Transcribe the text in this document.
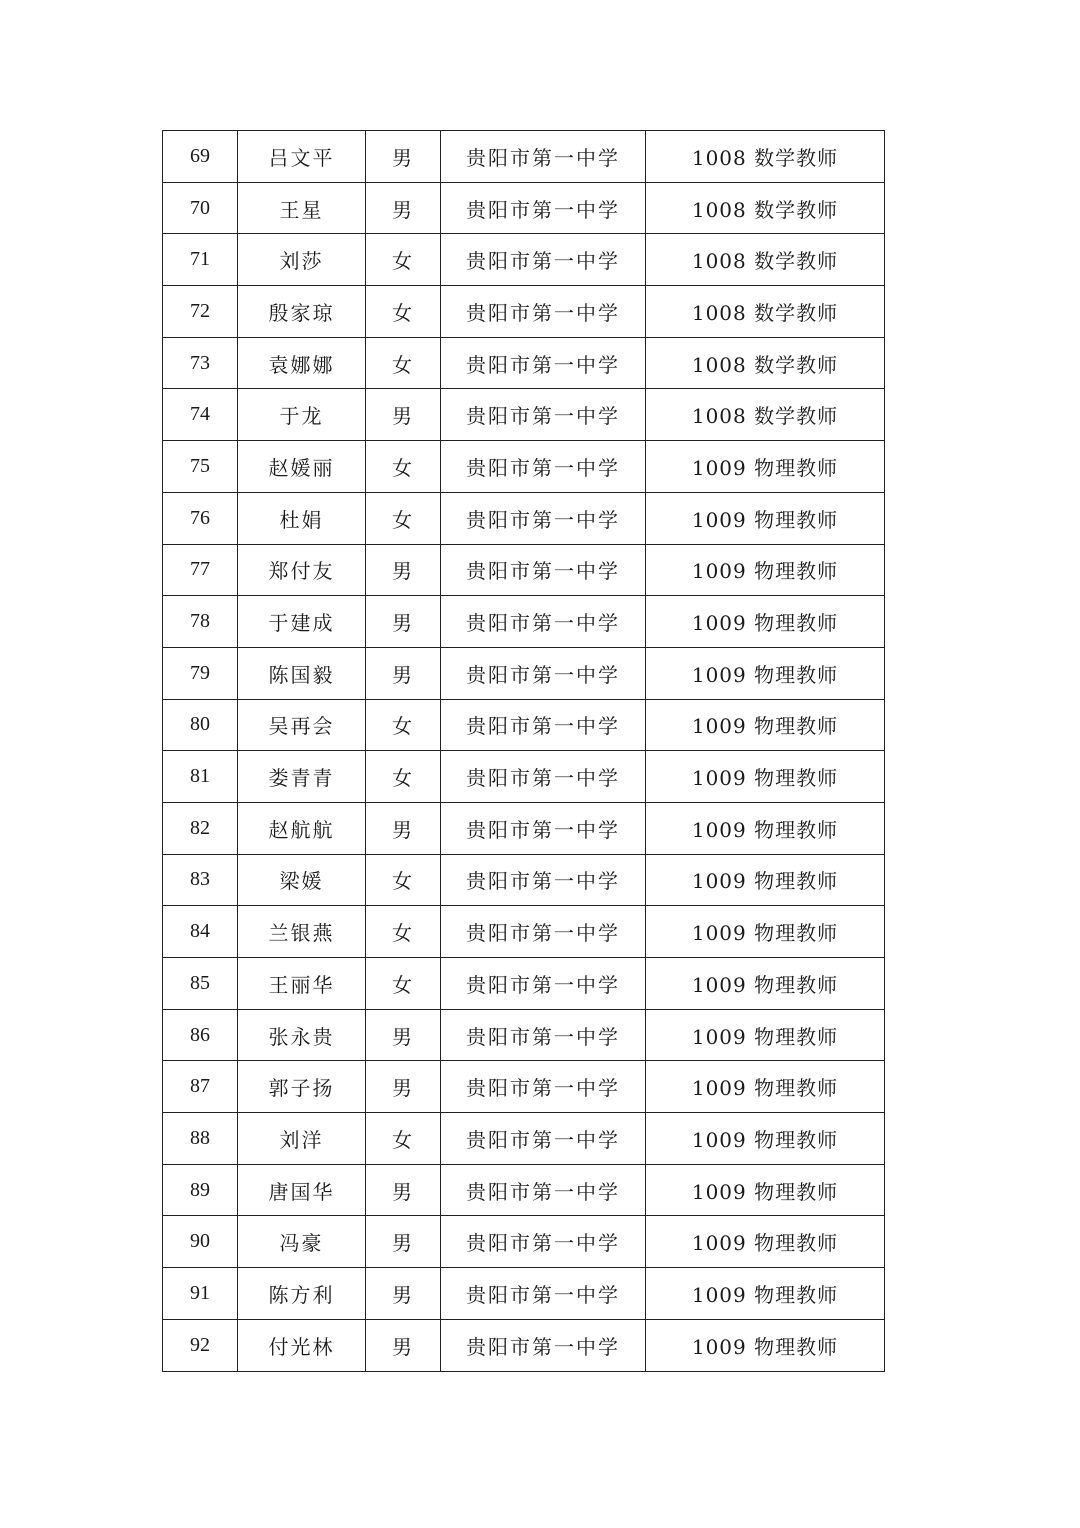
69	吕文平	男	贵阳市第一中学	1008 数学教师
70	王星	男	贵阳市第一中学	1008 数学教师
71	刘莎	女	贵阳市第一中学	1008 数学教师
72	殷家琼	女	贵阳市第一中学	1008 数学教师
73	袁娜娜	女	贵阳市第一中学	1008 数学教师
74	于龙	男	贵阳市第一中学	1008 数学教师
75	赵媛丽	女	贵阳市第一中学	1009 物理教师
76	杜娟	女	贵阳市第一中学	1009 物理教师
77	郑付友	男	贵阳市第一中学	1009 物理教师
78	于建成	男	贵阳市第一中学	1009 物理教师
79	陈国毅	男	贵阳市第一中学	1009 物理教师
80	吴再会	女	贵阳市第一中学	1009 物理教师
81	娄青青	女	贵阳市第一中学	1009 物理教师
82	赵航航	男	贵阳市第一中学	1009 物理教师
83	梁媛	女	贵阳市第一中学	1009 物理教师
84	兰银燕	女	贵阳市第一中学	1009 物理教师
85	王丽华	女	贵阳市第一中学	1009 物理教师
86	张永贵	男	贵阳市第一中学	1009 物理教师
87	郭子扬	男	贵阳市第一中学	1009 物理教师
88	刘洋	女	贵阳市第一中学	1009 物理教师
89	唐国华	男	贵阳市第一中学	1009 物理教师
90	冯豪	男	贵阳市第一中学	1009 物理教师
91	陈方利	男	贵阳市第一中学	1009 物理教师
92	付光林	男	贵阳市第一中学	1009 物理教师
